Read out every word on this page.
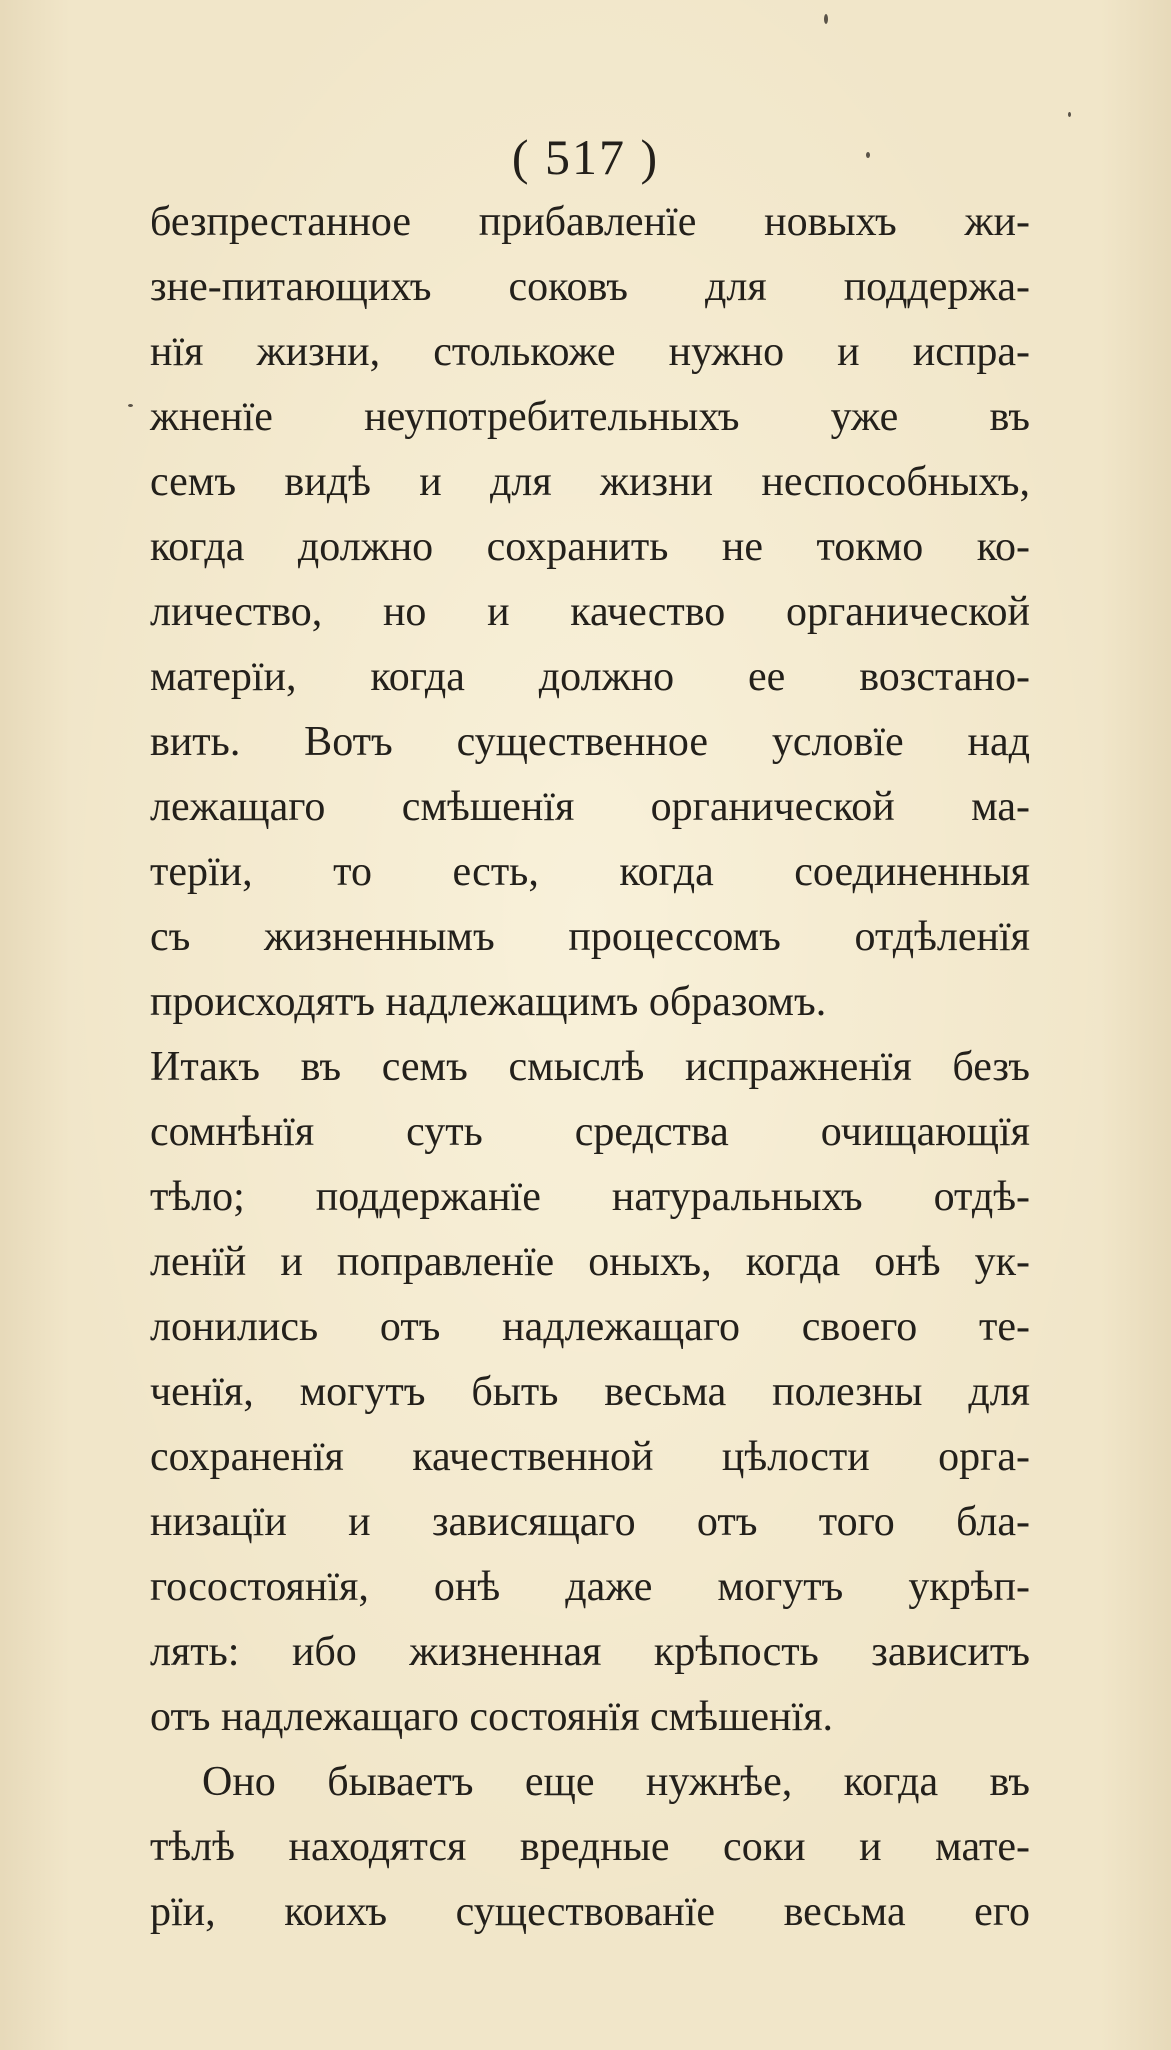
( 517 )
безпрестанное прибавленїе новыхъ жи-
зне-питающихъ соковъ для поддержа-
нїя жизни, столькоже нужно и испра-
жненїе неупотребительныхъ уже въ
семъ видѣ и для жизни неспособныхъ,
когда должно сохранить не токмо ко-
личество, но и качество органической
матерїи, когда должно ее возстано-
вить. Вотъ существенное условїе над
лежащаго смѣшенїя органической ма-
терїи, то есть, когда соединенныя
съ жизненнымъ процессомъ отдѣленїя
происходятъ надлежащимъ образомъ.
Итакъ въ семъ смыслѣ испражненїя безъ
сомнѣнїя суть средства очищающїя
тѣло; поддержанїе натуральныхъ отдѣ-
ленїй и поправленїе оныхъ, когда онѣ ук-
лонились отъ надлежащаго своего те-
ченїя, могутъ быть весьма полезны для
сохраненїя качественной цѣлости орга-
низацїи и зависящаго отъ того бла-
госостоянїя, онѣ даже могутъ укрѣп-
лять: ибо жизненная крѣпость зависитъ
отъ надлежащаго состоянїя смѣшенїя.
Оно бываетъ еще нужнѣе, когда въ
тѣлѣ находятся вредные соки и мате-
рїи, коихъ существованїе весьма его
